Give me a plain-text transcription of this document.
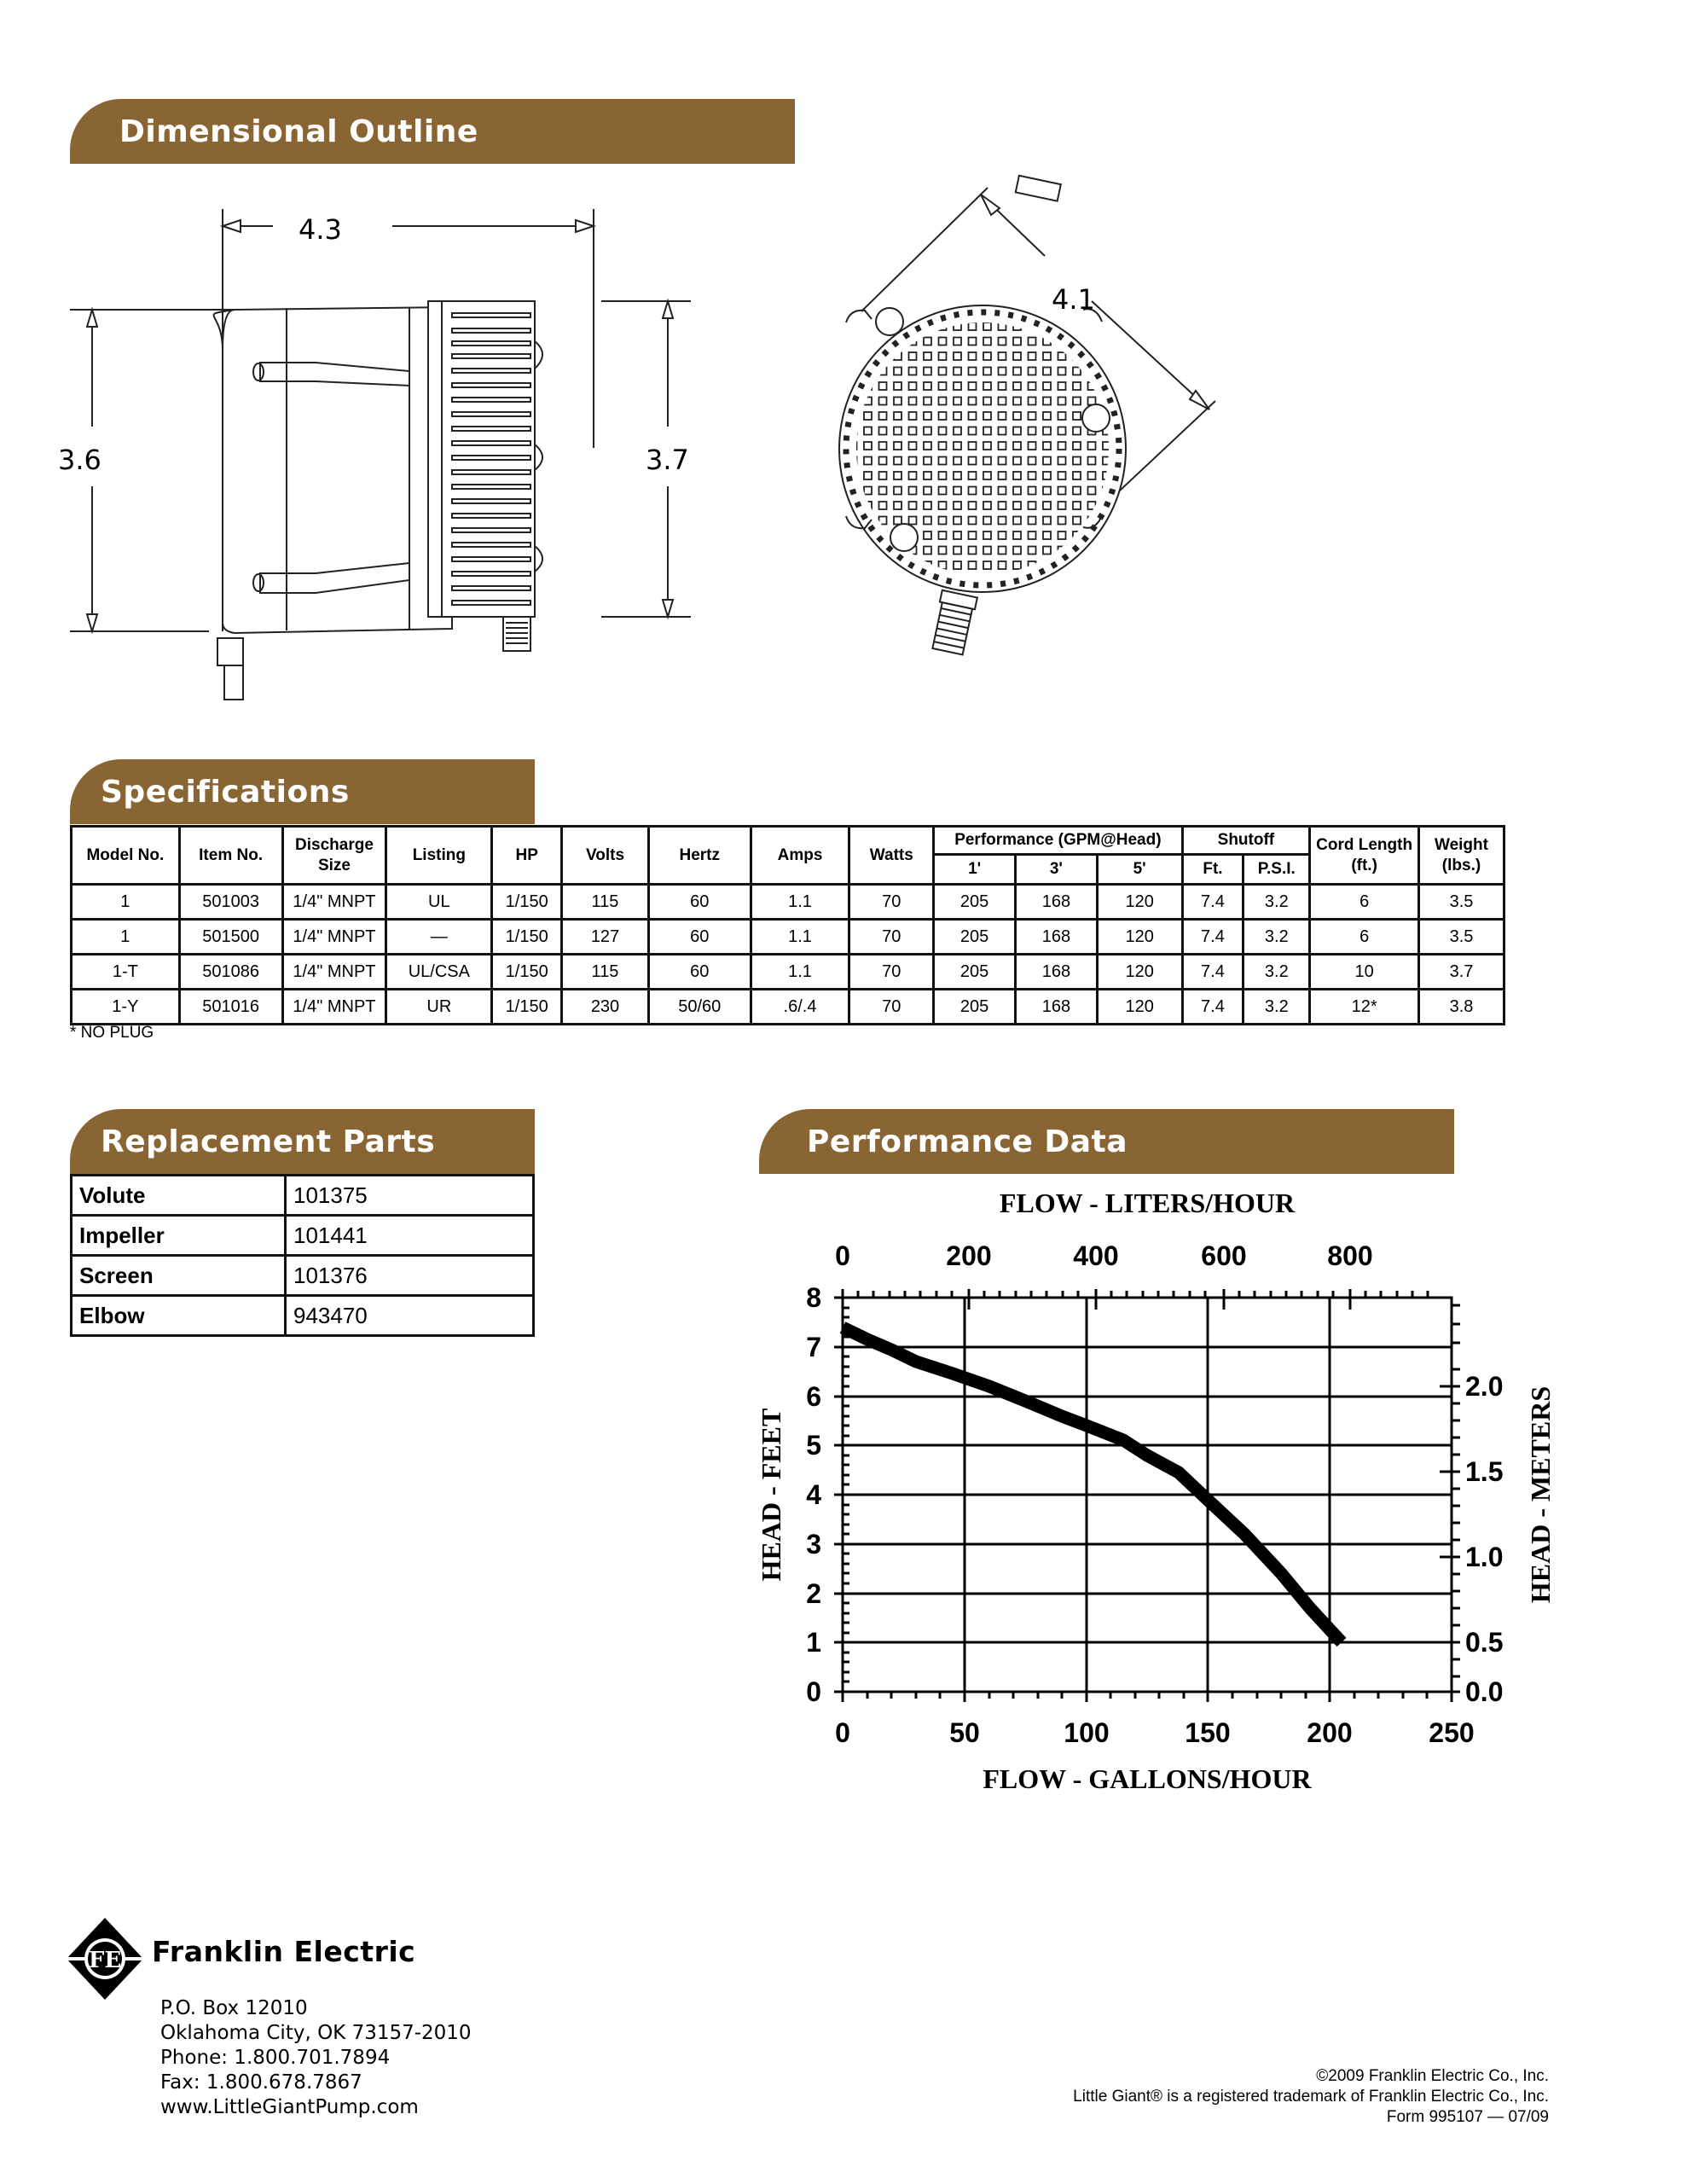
Dimensional Outline
4.3
3.6	3.7
4.1
Specifications
Model No.	Item No.	Discharge Size	Listing	HP	Volts	Hertz	Amps	Watts	Performance (GPM@Head)			Shutoff		Cord Length (ft.)	Weight (lbs.)
									1'	3'	5'	Ft.	P.S.I.		
1	501003	1/4" MNPT	UL	1/150	115	60	1.1	70	205	168	120	7.4	3.2	6	3.5
1	501500	1/4" MNPT	—	1/150	127	60	1.1	70	205	168	120	7.4	3.2	6	3.5
1-T	501086	1/4" MNPT	UL/CSA	1/150	115	60	1.1	70	205	168	120	7.4	3.2	10	3.7
1-Y	501016	1/4" MNPT	UR	1/150	230	50/60	.6/.4	70	205	168	120	7.4	3.2	12*	3.8
* NO PLUG
Replacement Parts
Volute	101375
Impeller	101441
Screen	101376
Elbow	943470
Performance Data
FLOW - LITERS/HOUR
0	200	400	600	800
0
1
2
3
4
5
6
7
8
0.0
0.5
1.0
1.5
2.0
0	50	100	150	200	250
FLOW - GALLONS/HOUR
HEAD - FEET	HEAD - METERS
FE Franklin Electric
P.O. Box 12010
Oklahoma City, OK 73157-2010
Phone: 1.800.701.7894
Fax: 1.800.678.7867
www.LittleGiantPump.com
©2009 Franklin Electric Co., Inc.
Little Giant® is a registered trademark of Franklin Electric Co., Inc.
Form 995107 — 07/09
